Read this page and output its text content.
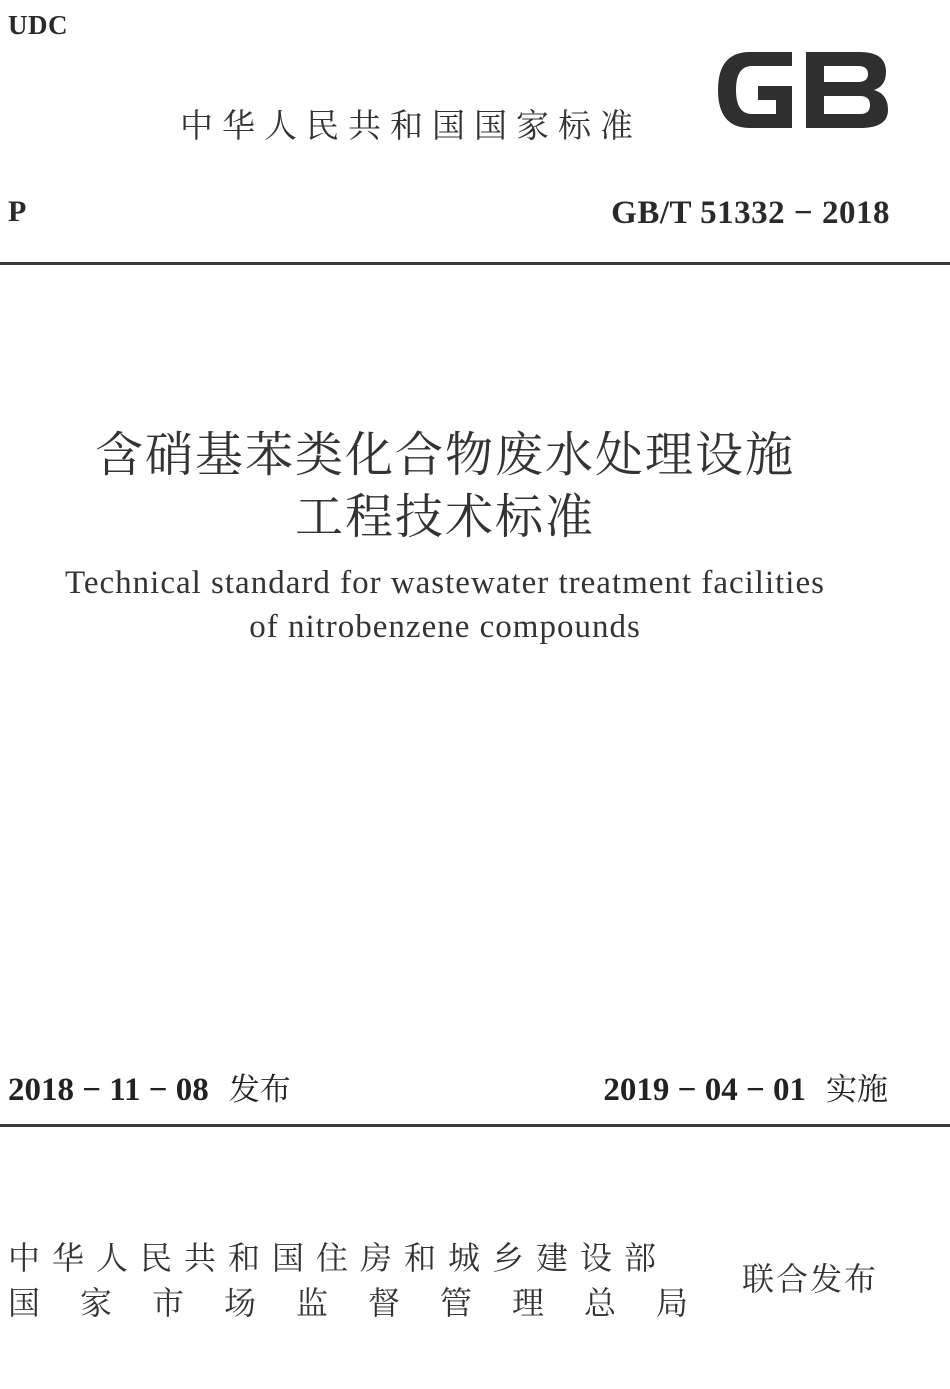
UDC
中华人民共和国国家标准
P	GB/T 51332 − 2018
含硝基苯类化合物废水处理设施
工程技术标准
Technical standard for wastewater treatment facilities
of nitrobenzene compounds
2018 − 11 − 08 发布	2019 − 04 − 01 实施
中华人民共和国住房和城乡建设部
国家市场监督管理总局
联合发布
